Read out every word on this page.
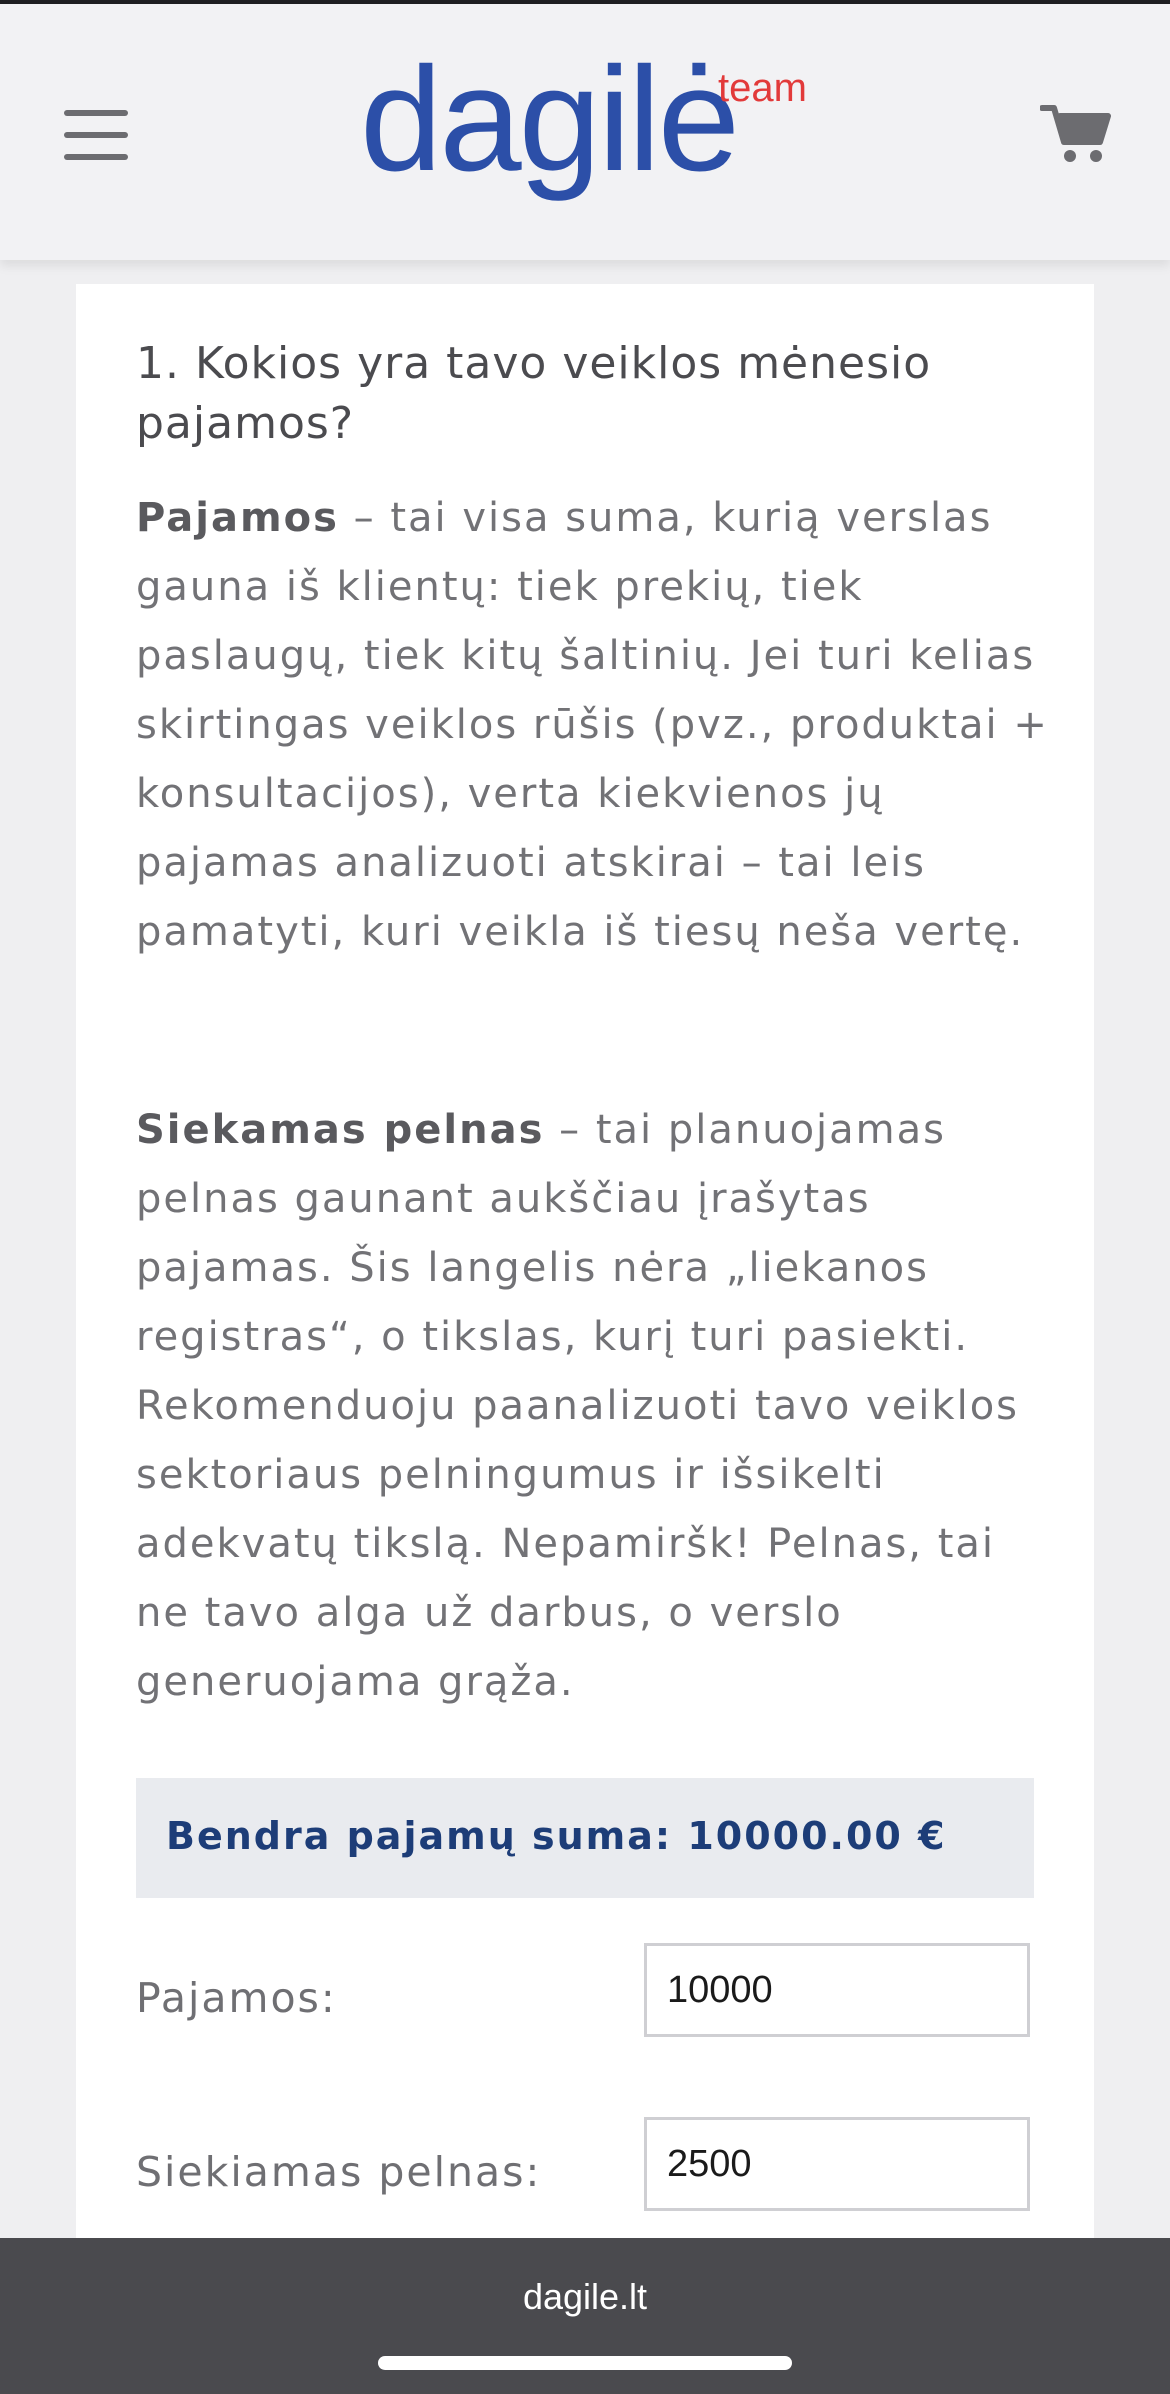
dagilė
team
1. Kokios yra tavo veiklos mėnesio pajamos?
Pajamos – tai visa suma, kurią verslas gauna iš klientų: tiek prekių, tiek paslaugų, tiek kitų šaltinių. Jei turi kelias skirtingas veiklos rūšis (pvz., produktai + konsultacijos), verta kiekvienos jų pajamas analizuoti atskirai – tai leis pamatyti, kuri veikla iš tiesų neša vertę.
Siekamas pelnas – tai planuojamas pelnas gaunant aukščiau įrašytas pajamas. Šis langelis nėra „liekanos registras“, o tikslas, kurį turi pasiekti. Rekomenduoju paanalizuoti tavo veiklos sektoriaus pelningumus ir išsikelti adekvatų tikslą. Nepamiršk! Pelnas, tai ne tavo alga už darbus, o verslo generuojama grąža.
Bendra pajamų suma: 10000.00 €
Pajamos:
10000
Siekiamas pelnas:
2500
dagile.lt
